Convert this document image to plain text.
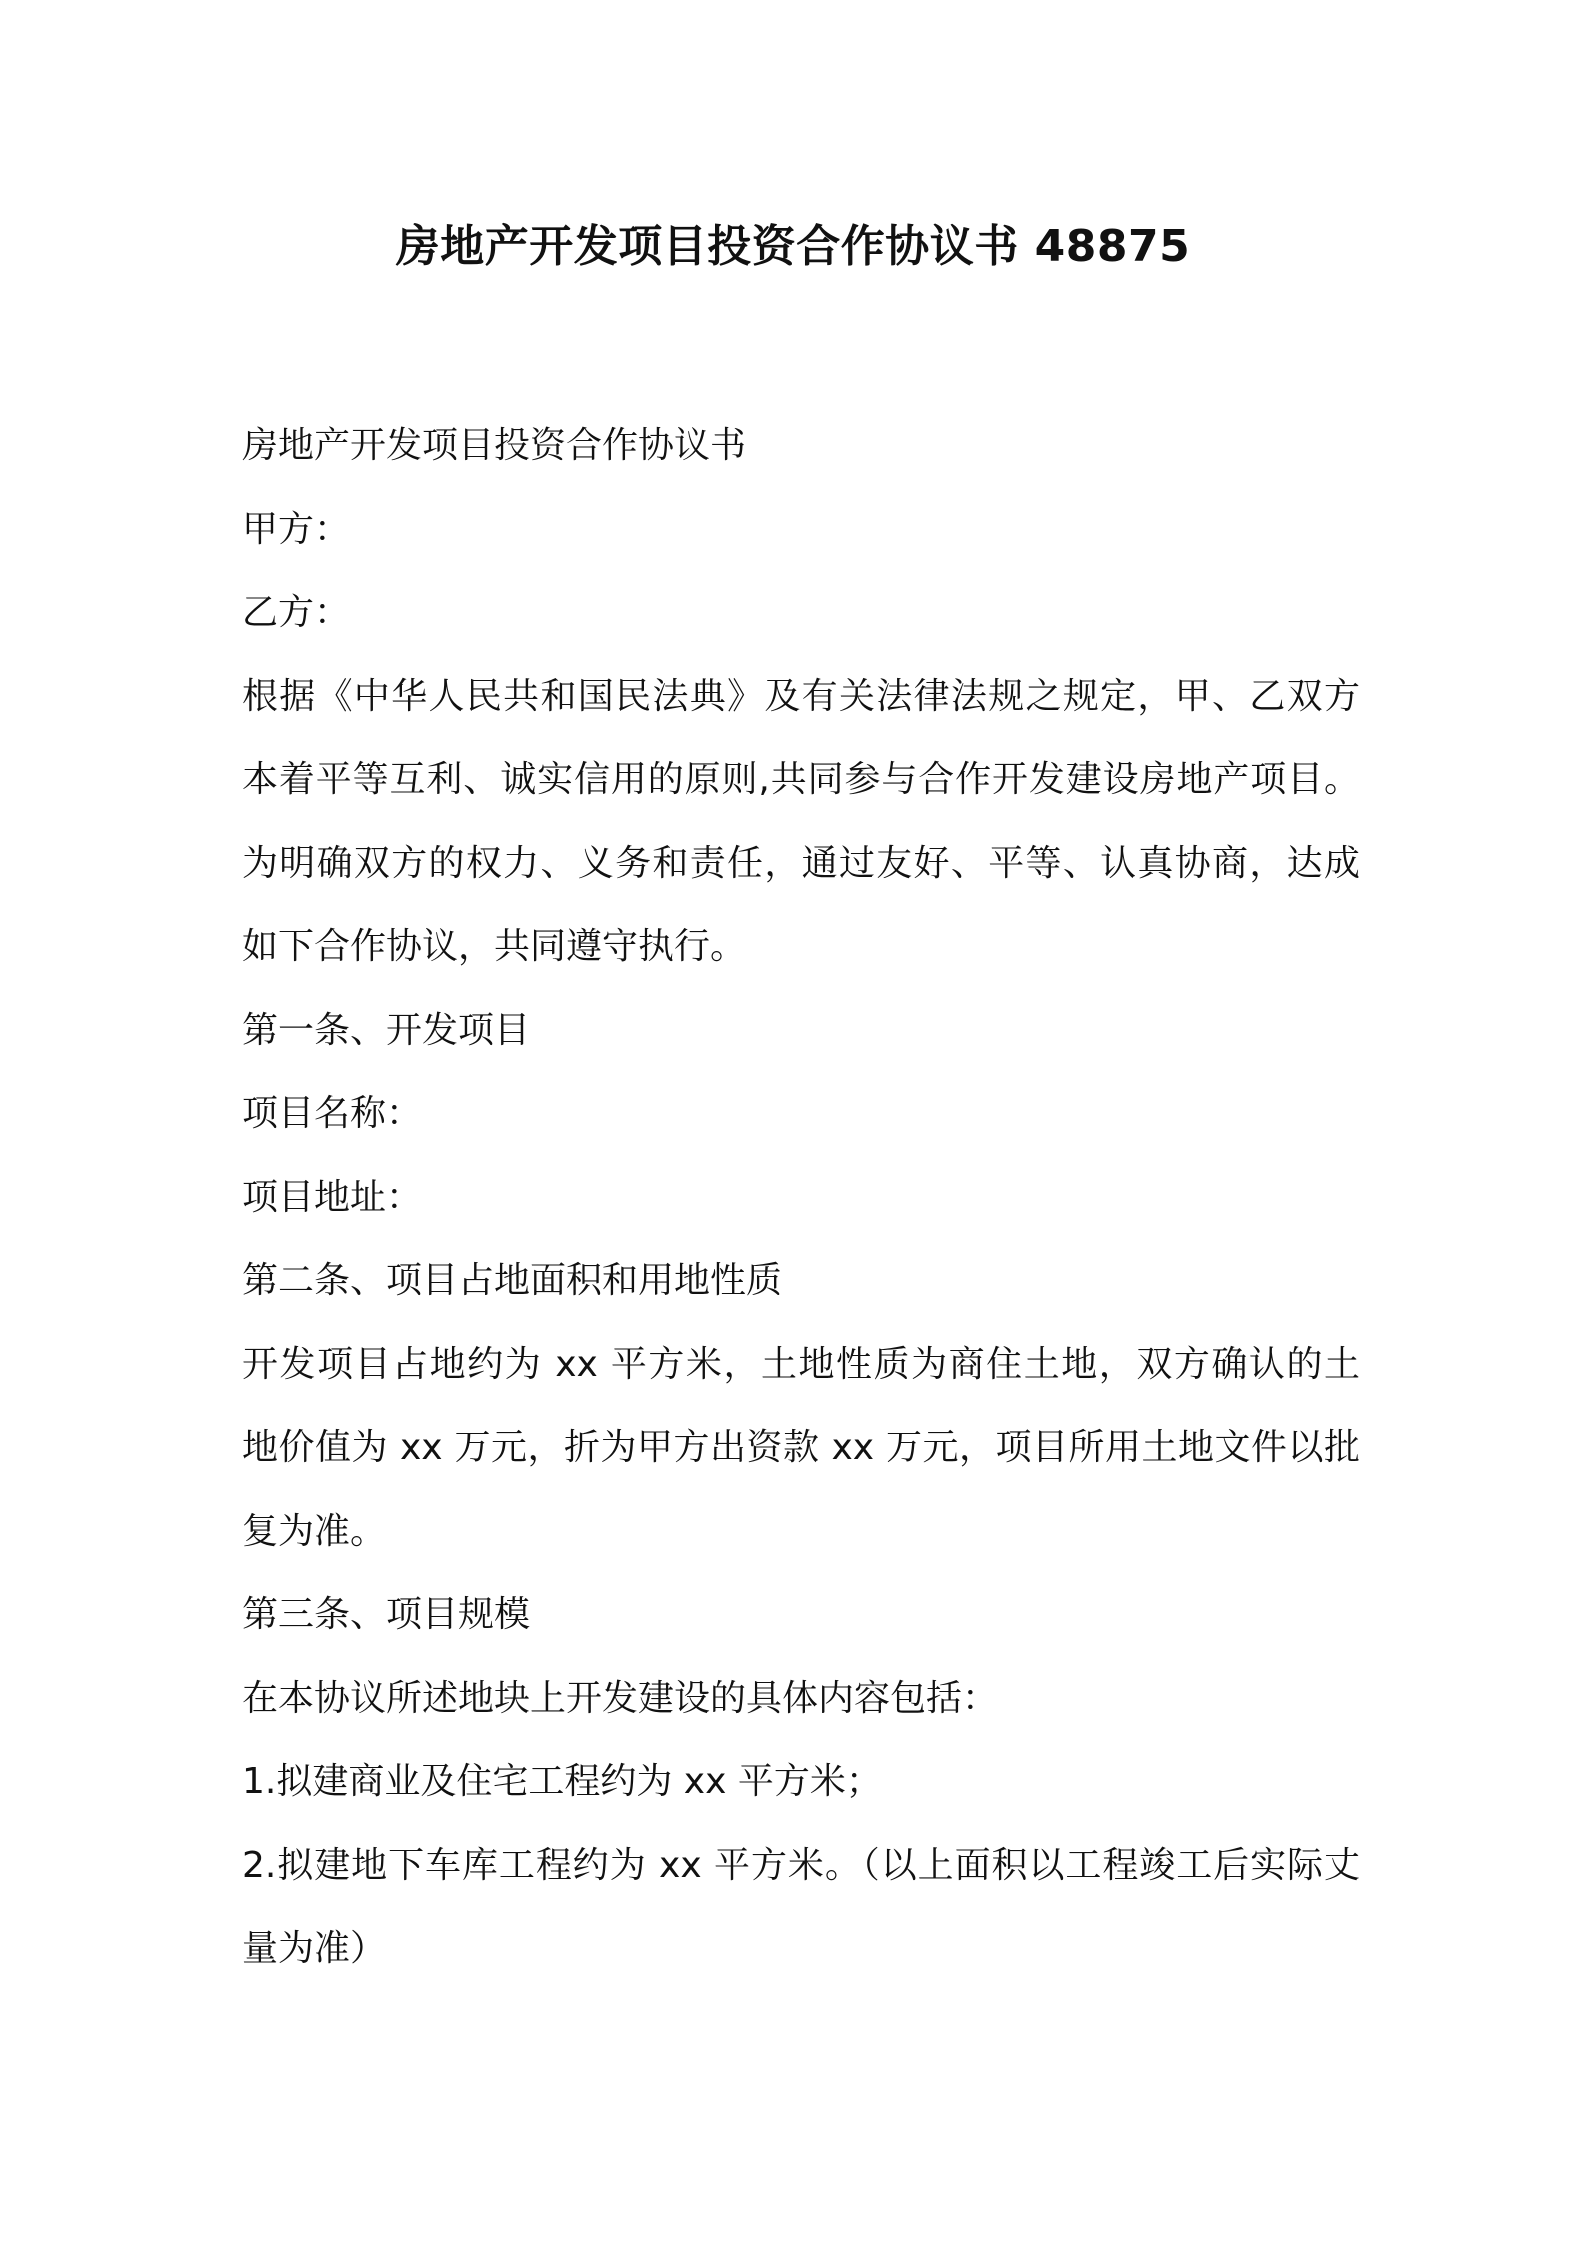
房地产开发项目投资合作协议书 48875
房地产开发项目投资合作协议书
甲方：
乙方：
根据《中华人民共和国民法典》及有关法律法规之规定，甲、乙双方
本着平等互利、诚实信用的原则,共同参与合作开发建设房地产项目。
为明确双方的权力、义务和责任，通过友好、平等、认真协商，达成
如下合作协议，共同遵守执行。
第一条、开发项目
项目名称：
项目地址：
第二条、项目占地面积和用地性质
开发项目占地约为 xx 平方米，土地性质为商住土地，双方确认的土
地价值为 xx 万元，折为甲方出资款 xx 万元，项目所用土地文件以批
复为准。
第三条、项目规模
在本协议所述地块上开发建设的具体内容包括：
1.拟建商业及住宅工程约为 xx 平方米；
2.拟建地下车库工程约为 xx 平方米。（以上面积以工程竣工后实际丈
量为准）
